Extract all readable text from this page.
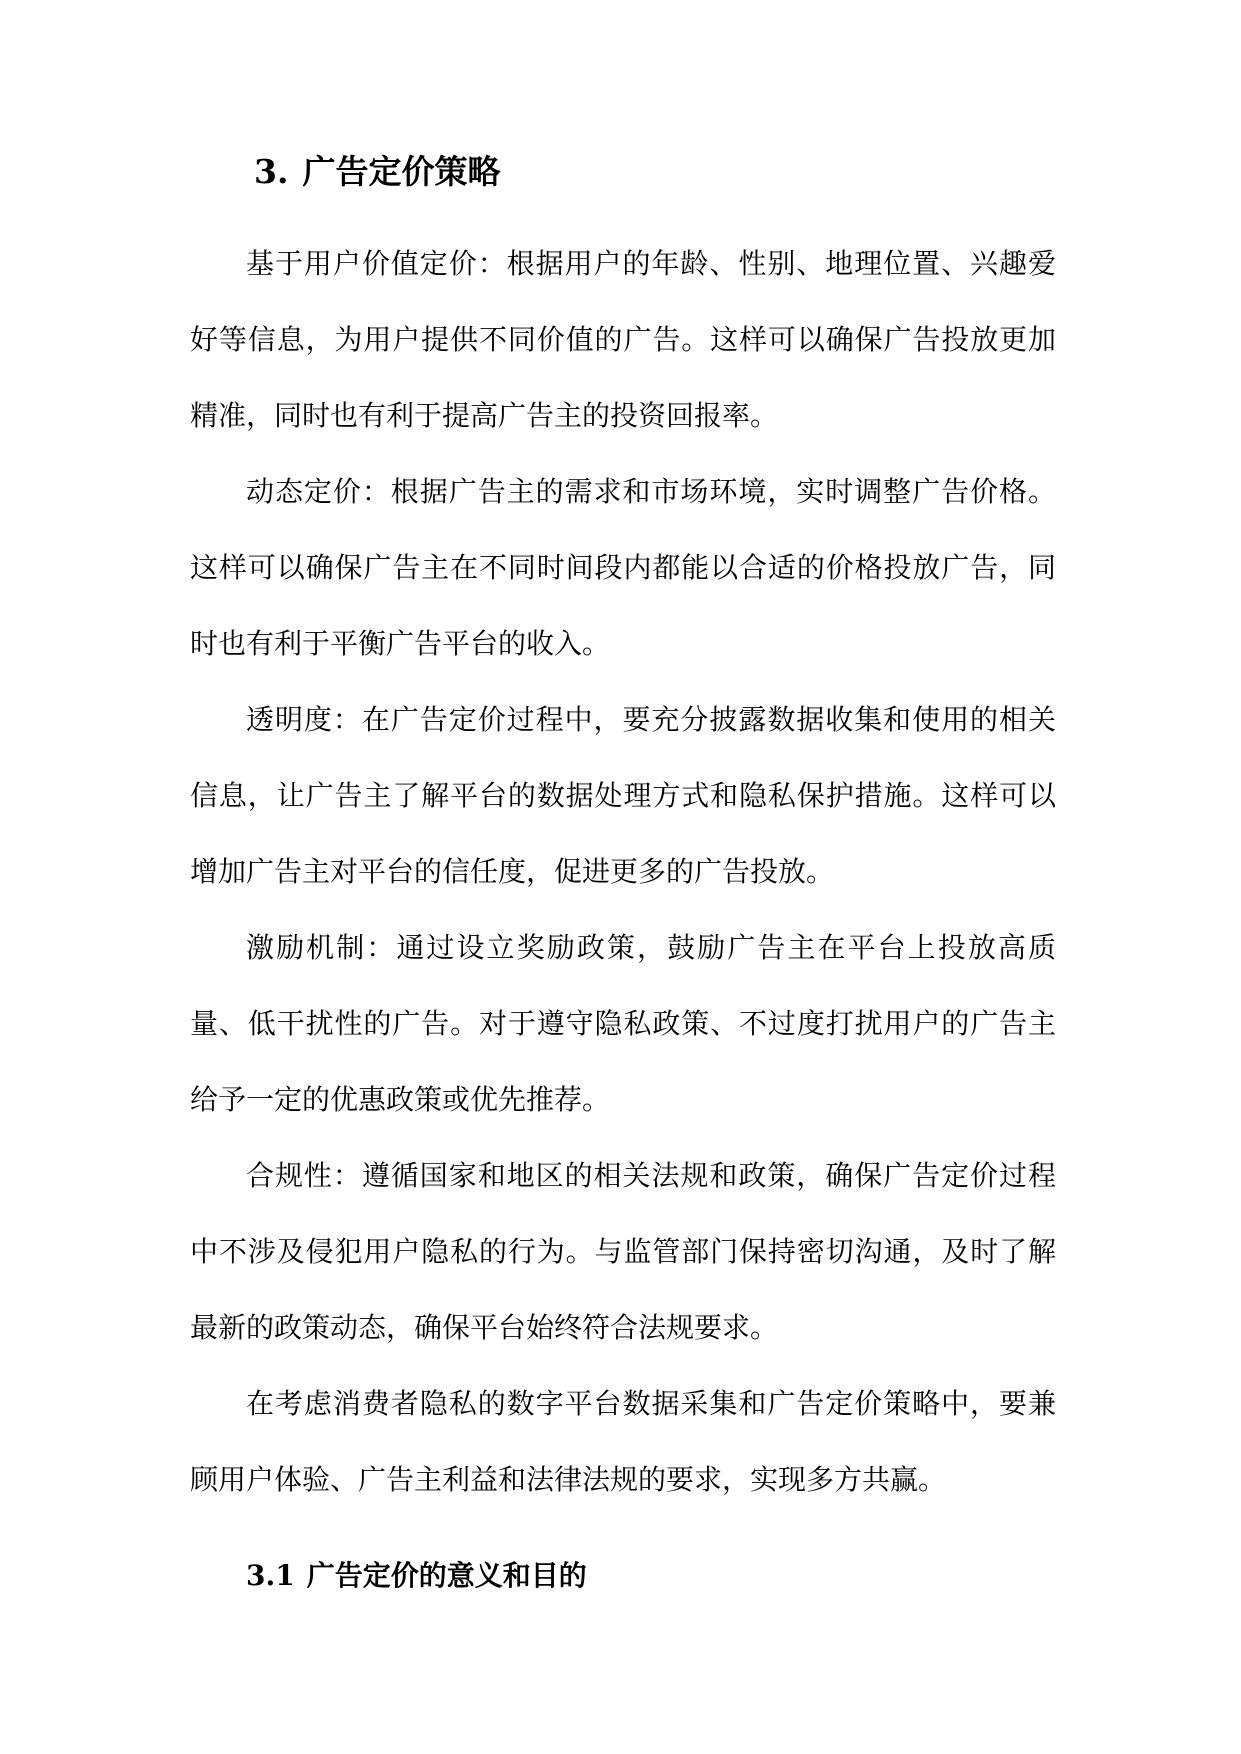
3. 广告定价策略

基于用户价值定价：根据用户的年龄、性别、地理位置、兴趣爱好等信息，为用户提供不同价值的广告。这样可以确保广告投放更加精准，同时也有利于提高广告主的投资回报率。

动态定价：根据广告主的需求和市场环境，实时调整广告价格。这样可以确保广告主在不同时间段内都能以合适的价格投放广告，同时也有利于平衡广告平台的收入。

透明度：在广告定价过程中，要充分披露数据收集和使用的相关信息，让广告主了解平台的数据处理方式和隐私保护措施。这样可以增加广告主对平台的信任度，促进更多的广告投放。

激励机制：通过设立奖励政策，鼓励广告主在平台上投放高质量、低干扰性的广告。对于遵守隐私政策、不过度打扰用户的广告主给予一定的优惠政策或优先推荐。

合规性：遵循国家和地区的相关法规和政策，确保广告定价过程中不涉及侵犯用户隐私的行为。与监管部门保持密切沟通，及时了解最新的政策动态，确保平台始终符合法规要求。

在考虑消费者隐私的数字平台数据采集和广告定价策略中，要兼顾用户体验、广告主利益和法律法规的要求，实现多方共赢。

3.1 广告定价的意义和目的
